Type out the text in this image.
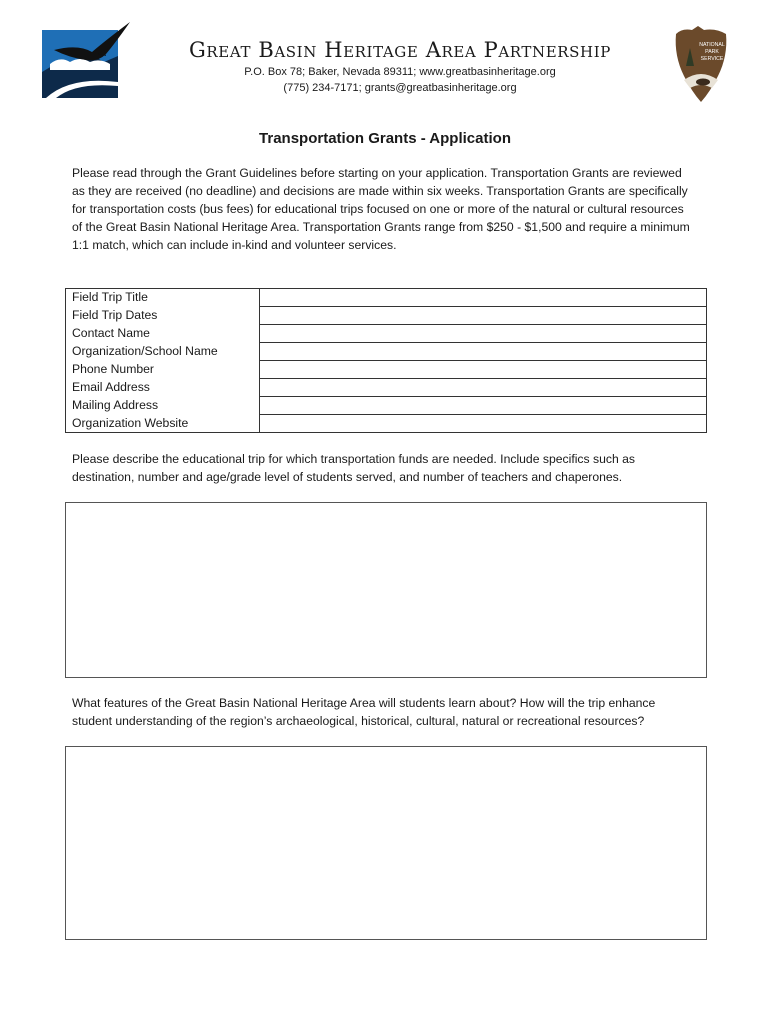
NATIONAL
PARK
SERVICE
Great Basin Heritage Area Partnership
P.O. Box 78; Baker, Nevada 89311; www.greatbasinheritage.org
(775) 234-7171; grants@greatbasinheritage.org
Transportation Grants - Application
Please read through the Grant Guidelines before starting on your application. Transportation Grants are reviewed as they are received (no deadline) and decisions are made within six weeks. Transportation Grants are specifically for transportation costs (bus fees) for educational trips focused on one or more of the natural or cultural resources of the Great Basin National Heritage Area. Transportation Grants range from $250 - $1,500 and require a minimum 1:1 match, which can include in-kind and volunteer services.
Field Trip Title	
Field Trip Dates	
Contact Name	
Organization/School Name	
Phone Number	
Email Address	
Mailing Address	
Organization Website	
Please describe the educational trip for which transportation funds are needed. Include specifics such as destination, number and age/grade level of students served, and number of teachers and chaperones.
What features of the Great Basin National Heritage Area will students learn about? How will the trip enhance student understanding of the region’s archaeological, historical, cultural, natural or recreational resources?
